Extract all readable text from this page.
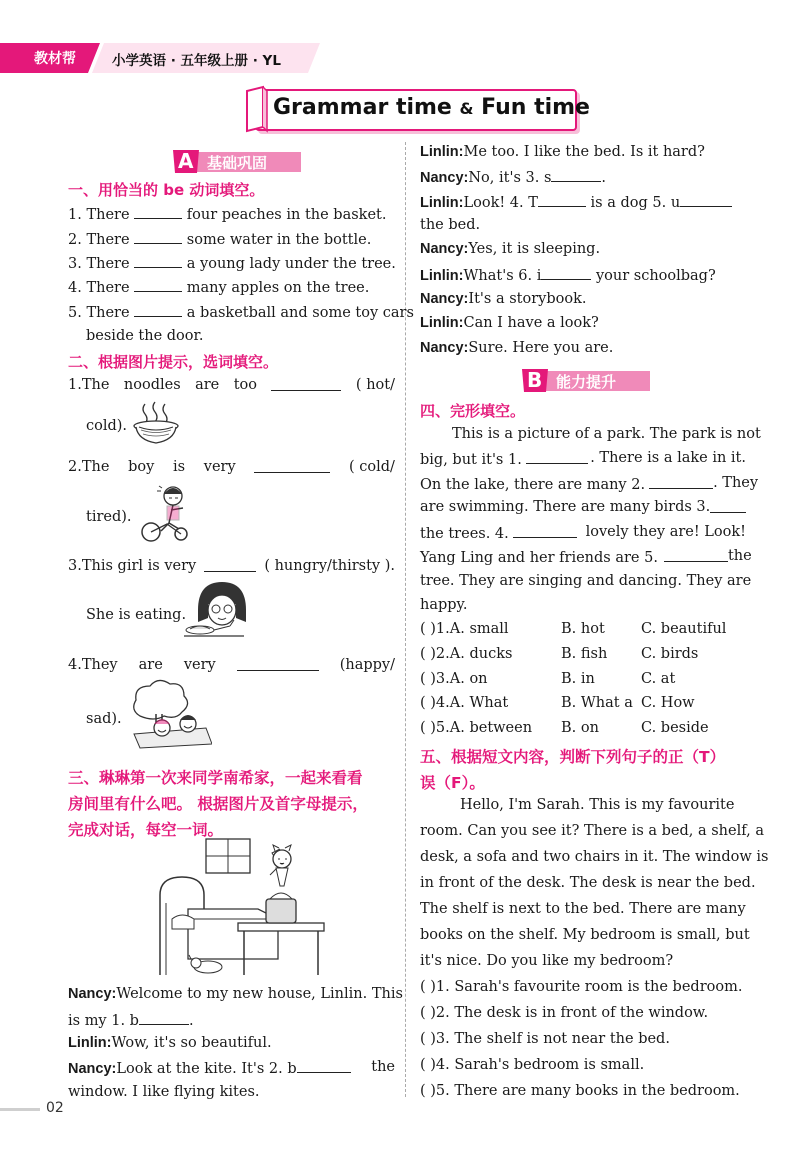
教材帮	小学英语 · 五年级上册 · YL
Grammar time & Fun time
A 基础巩固
一、用恰当的 be 动词填空。
1. There	four peaches in the basket.
2. There	some water in the bottle.
3. There	a young lady under the tree.
4. There	many apples on the tree.
5. There	a basketball and some toy cars
beside the door.
二、根据图片提示，选词填空。
1.The noodles are too	( hot/
cold).
2.The boy is very	( cold/
tired).
3.This girl is very	( hungry/thirsty ).
She is eating.
4.They are very	(happy/
sad).
三、琳琳第一次来同学南希家，一起来看看
房间里有什么吧。 根据图片及首字母提示，
完成对话，每空一词。
Nancy:Welcome to my new house, Linlin. This
is my 1. b	.
Linlin:Wow, it's so beautiful.
Nancy:Look at the kite. It's 2. b	the
window. I like flying kites.
Linlin:Me too. I like the bed. Is it hard?
Nancy:No, it's 3. s	.
Linlin:Look! 4. T	is a dog 5. u
the bed.
Nancy:Yes, it is sleeping.
Linlin:What's 6. i	your schoolbag?
Nancy:It's a storybook.
Linlin:Can I have a look?
Nancy:Sure. Here you are.
B 能力提升
四、完形填空。
This is a picture of a park. The park is not
big, but it's 1.	. There is a lake in it.
On the lake, there are many 2.	. They
are swimming. There are many birds 3.
the trees. 4.	lovely they are! Look!
Yang Ling and her friends are 5.	the
tree. They are singing and dancing. They are
happy.
( )1.A. small	B. hot C. beautiful
( )2.A. ducks	B. fish C. birds
( )3.A. on	B. in	C. at
( )4.A. What	B. What a C. How
( )5.A. between B. on	C. beside
五、根据短文内容，判断下列句子的正（T）
误（F）。
Hello, I'm Sarah. This is my favourite
room. Can you see it? There is a bed, a shelf, a
desk, a sofa and two chairs in it. The window is
in front of the desk. The desk is near the bed.
The shelf is next to the bed. There are many
books on the shelf. My bedroom is small, but
it's nice. Do you like my bedroom?
( )1. Sarah's favourite room is the bedroom.
( )2. The desk is in front of the window.
( )3. The shelf is not near the bed.
( )4. Sarah's bedroom is small.
( )5. There are many books in the bedroom.
02
